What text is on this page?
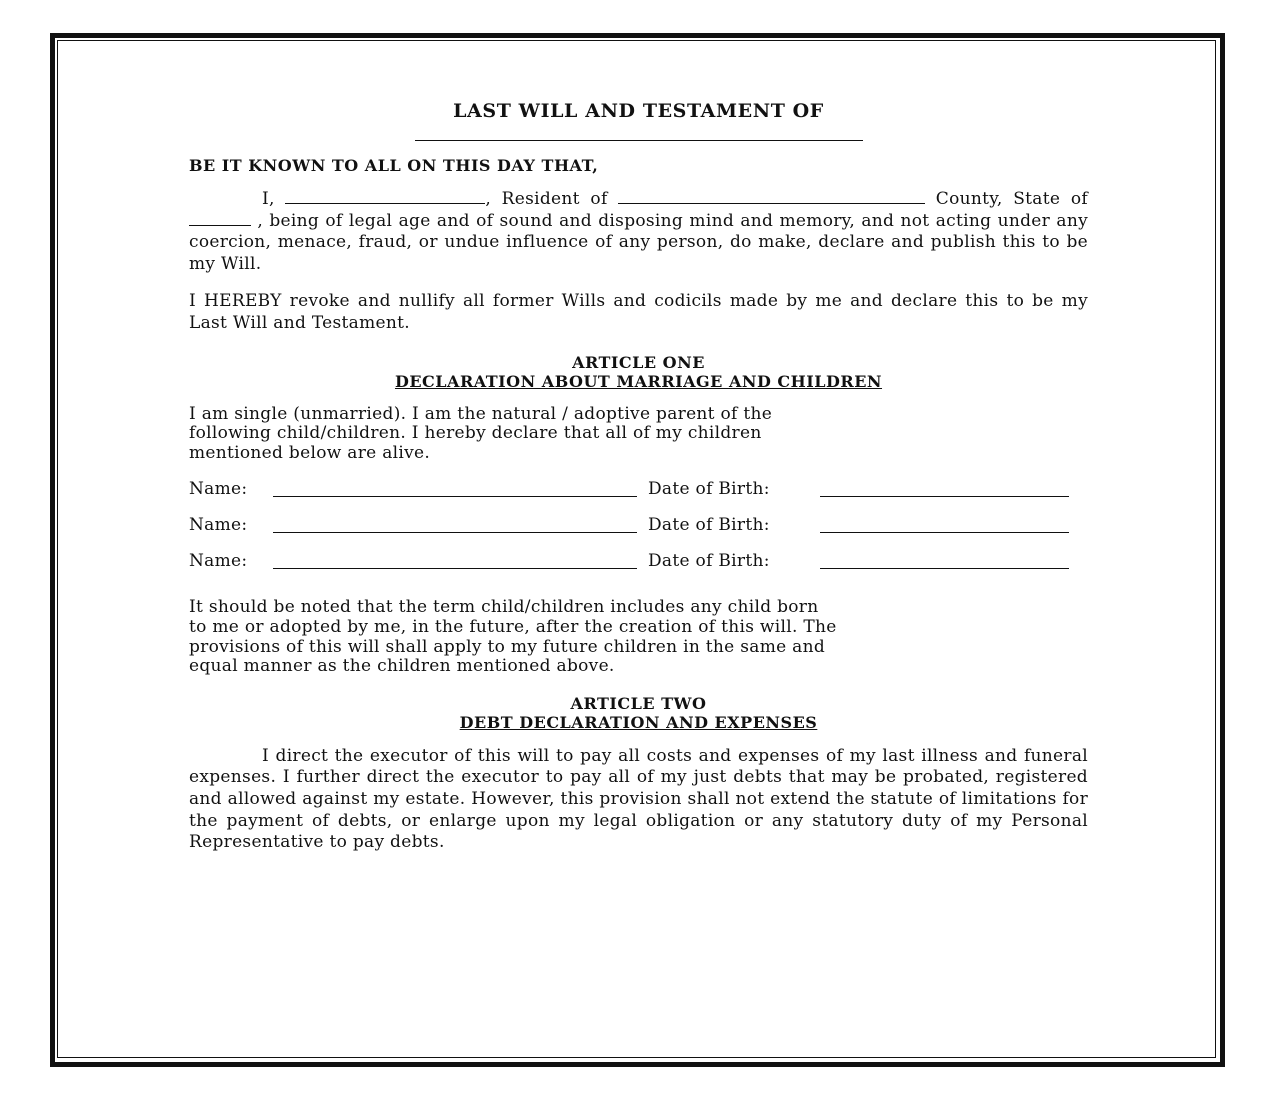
LAST WILL AND TESTAMENT OF

BE IT KNOWN TO ALL ON THIS DAY THAT,

I,	, Resident of	County, State of  , being of legal age and of sound and disposing mind and memory, and not acting under any coercion, menace, fraud, or undue influence of any person, do make, declare and publish this to be my Will.

I HEREBY revoke and nullify all former Wills and codicils made by me and declare this to be my Last Will and Testament.

ARTICLE ONE

DECLARATION ABOUT MARRIAGE AND CHILDREN

I am single (unmarried). I am the natural / adoptive parent of the

following child/children. I hereby declare that all of my children

mentioned below are alive.

Name:	Date of Birth:
Name:	Date of Birth:
Name:	Date of Birth:

It should be noted that the term child/children includes any child born

to me or adopted by me, in the future, after the creation of this will. The

provisions of this will shall apply to my future children in the same and

equal manner as the children mentioned above.

ARTICLE TWO

DEBT DECLARATION AND EXPENSES

I direct the executor of this will to pay all costs and expenses of my last illness and funeral expenses. I further direct the executor to pay all of my just debts that may be probated, registered and allowed against my estate. However, this provision shall not extend the statute of limitations for the payment of debts, or enlarge upon my legal obligation or any statutory duty of my Personal Representative to pay debts.
